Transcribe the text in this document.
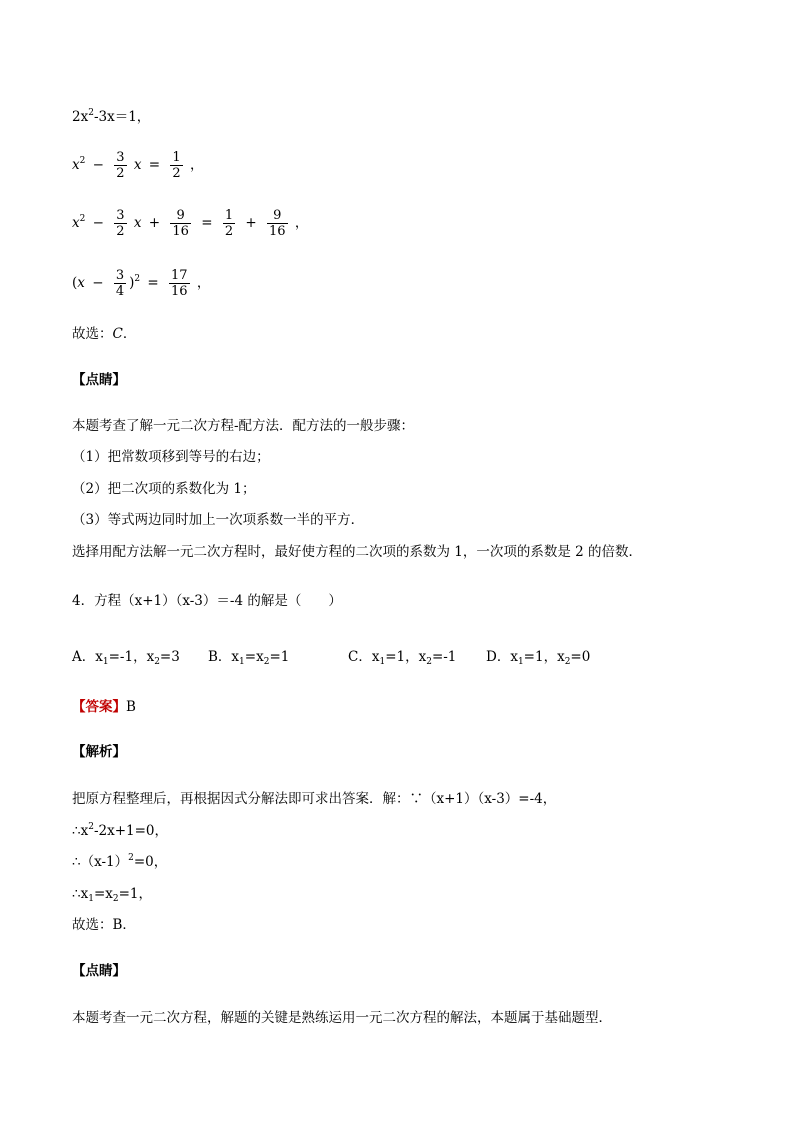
$2x^2-3x=1$，
$x^2 - \frac{3}{2}$ $x = \frac{1}{2}$ ，
$x^2 - \frac{3}{2}$ $x + \frac{9}{16} = \frac{1}{2} + \frac{9}{16}$ ，
$(x - \frac{3}{4} )^2 = \frac{17}{16}$ ，
故选：C．
【点睛】
本题考查了解一元二次方程-配方法．配方法的一般步骤：
（1）把常数项移到等号的右边；
（2）把二次项的系数化为 1；
（3）等式两边同时加上一次项系数一半的平方．
选择用配方法解一元二次方程时，最好使方程的二次项的系数为 1，一次项的系数是 2 的倍数．
4．方程（x+1）（x-3）＝-4 的解是（　　）
A．$x_1=-1$，$x_2=3$ B．$x_1=x_2=1$	C．$x_1=1$，$x_2=-1$ D．$x_1=1$，$x_2=0$
【答案】B
【解析】
把原方程整理后，再根据因式分解法即可求出答案．解：∵（x+1）（x-3）=-4，
$\therefore x^2-2x+1=0$，
$\therefore(x-1)^2=0$，
$\therefore x_1=x_2=1$，
故选：B．
【点睛】
本题考查一元二次方程，解题的关键是熟练运用一元二次方程的解法，本题属于基础题型．
